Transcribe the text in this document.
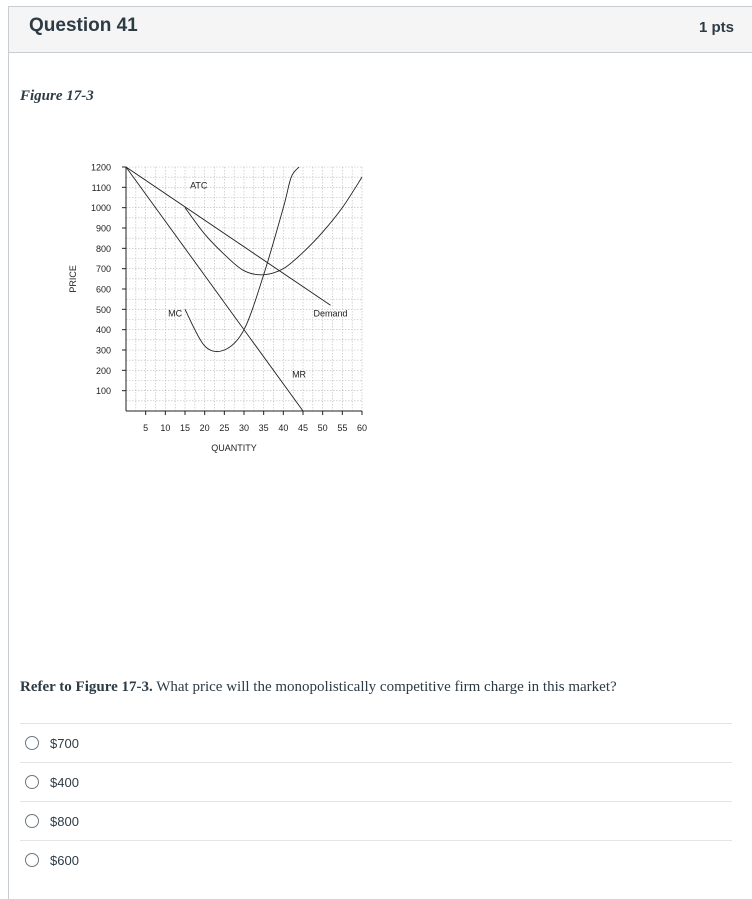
Question 41	1 pts
Figure 17-3
100
200
300
400
500
600
700
800
900
1000
1100
1200
5 10 15 20 25 30 35 40 45 50 55 60
QUANTITY
PRICE
ATC
MC	Demand
MR
Refer to Figure 17-3. What price will the monopolistically competitive firm charge in this market?
$700
$400
$800
$600
